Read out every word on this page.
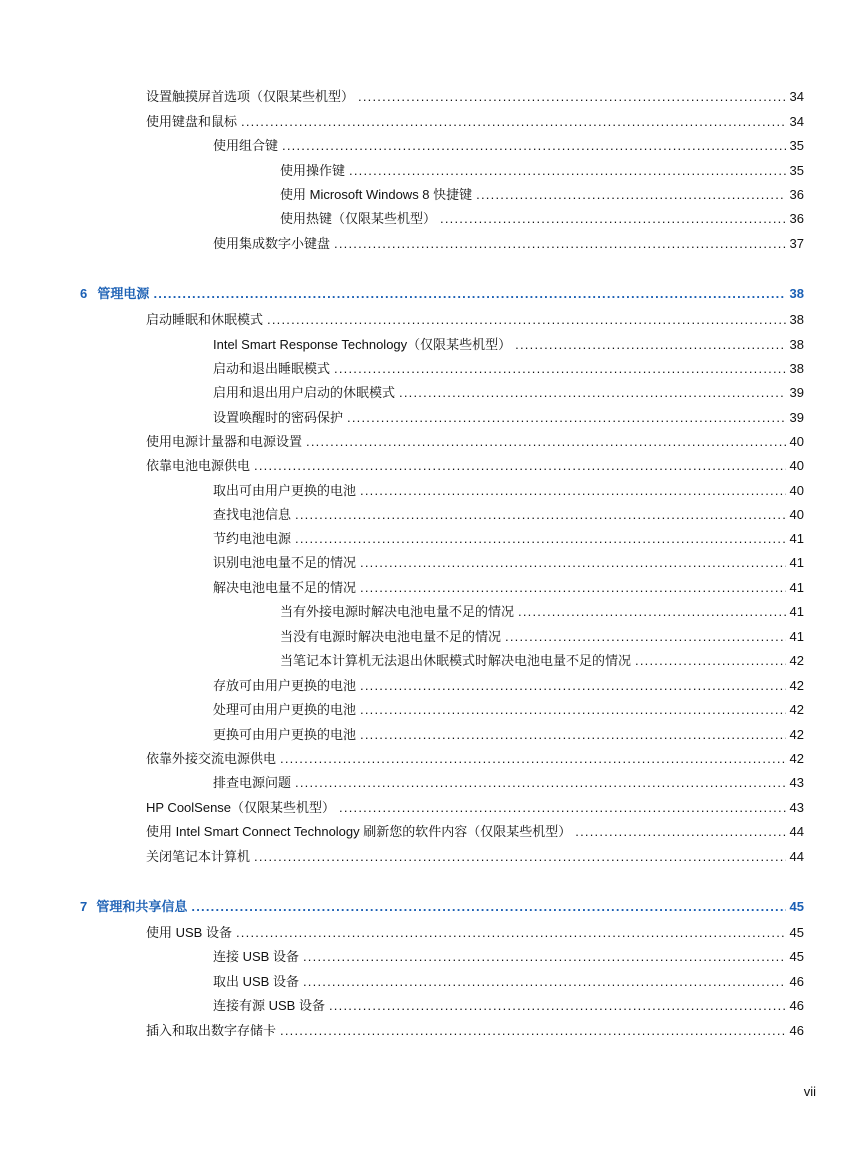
设置触摸屏首选项（仅限某些机型） . . .	34
使用键盘和鼠标 . . .	34
使用组合键 . . .	35
使用操作键 . . .	35
使用 Microsoft Windows 8 快捷键 . . .	36
使用热键（仅限某些机型） . . .	36
使用集成数字小键盘 . . .	37
6 管理电源 . . .	38
启动睡眠和休眠模式 . . .	38
Intel Smart Response Technology（仅限某些机型） . . .	38
启动和退出睡眠模式 . . .	38
启用和退出用户启动的休眠模式 . . .	39
设置唤醒时的密码保护 . . .	39
使用电源计量器和电源设置 . . .	40
依靠电池电源供电 . . .	40
取出可由用户更换的电池 . . .	40
查找电池信息 . . .	40
节约电池电源 . . .	41
识别电池电量不足的情况 . . .	41
解决电池电量不足的情况 . . .	41
当有外接电源时解决电池电量不足的情况 . . .	41
当没有电源时解决电池电量不足的情况 . . .	41
当笔记本计算机无法退出休眠模式时解决电池电量不足的情况 . . .	42
存放可由用户更换的电池 . . .	42
处理可由用户更换的电池 . . .	42
更换可由用户更换的电池 . . .	42
依靠外接交流电源供电 . . .	42
排查电源问题 . . .	43
HP CoolSense（仅限某些机型） . . .	43
使用 Intel Smart Connect Technology 刷新您的软件内容（仅限某些机型） . . .	44
关闭笔记本计算机 . . .	44
7 管理和共享信息 . . .	45
使用 USB 设备 . . .	45
连接 USB 设备 . . .	45
取出 USB 设备 . . .	46
连接有源 USB 设备 . . .	46
插入和取出数字存储卡 . . .	46
vii
